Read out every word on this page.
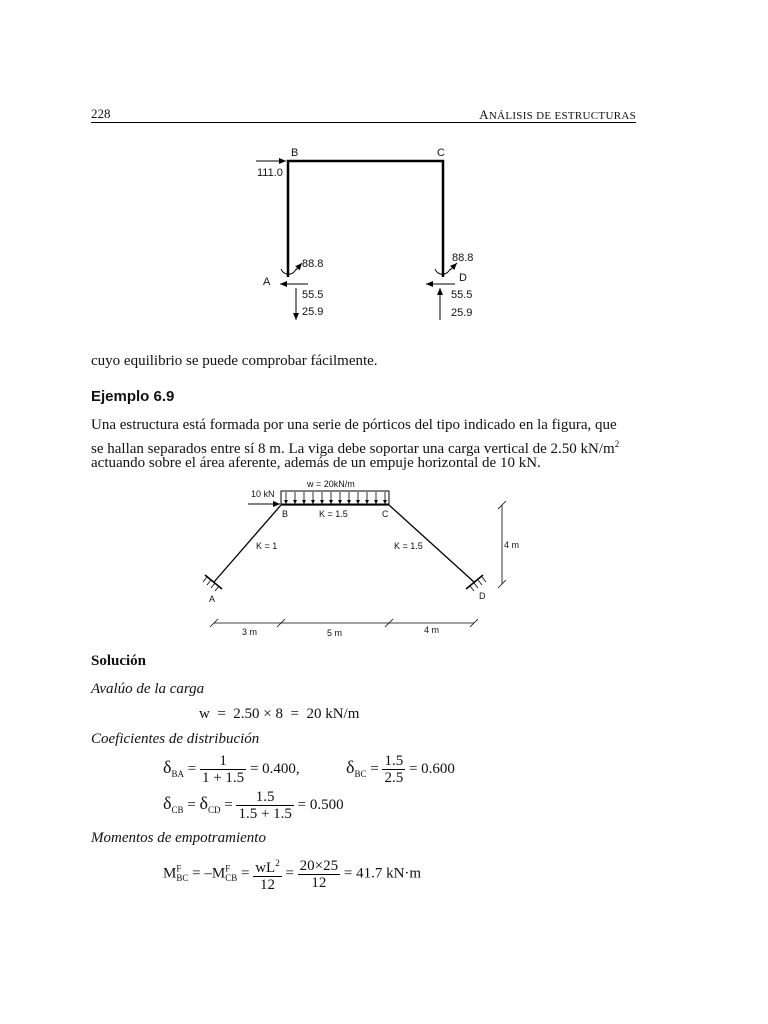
228	ANÁLISIS DE ESTRUCTURAS
111.0
B	C
88.8
A
55.5
25.9
88.8
D
55.5
25.9
cuyo equilibrio se puede comprobar fácilmente.
Ejemplo 6.9
Una estructura está formada por una serie de pórticos del tipo indicado en la figura, que
se hallan separados entre sí 8 m. La viga debe soportar una carga vertical de 2.50 $kN/m^2$
actuando sobre el área aferente, además de un empuje horizontal de 10 kN.
w = 20kN/m
10 kN
B	C
K = 1.5
K = 1	K = 1.5
A	D
4 m
3 m	5 m	4 m
Solución
Avalúo de la carga
w  =  2.50 × 8  =  20 kN/m
Coeficientes de distribución
$\delta_{BA} = \frac{1}{1 + 1.5} = 0.400$,	$\delta_{BC} = \frac{1.5}{2.5} = 0.600$
$\delta_{CB} = \delta_{CD} = \frac{1.5}{1.5 + 1.5} = 0.500$
Momentos de empotramiento
$M^F_{BC} = -M^F_{CB} = \frac{wL^2}{12} = \frac{20\times 25}{12} = 41.7$ kN·m
